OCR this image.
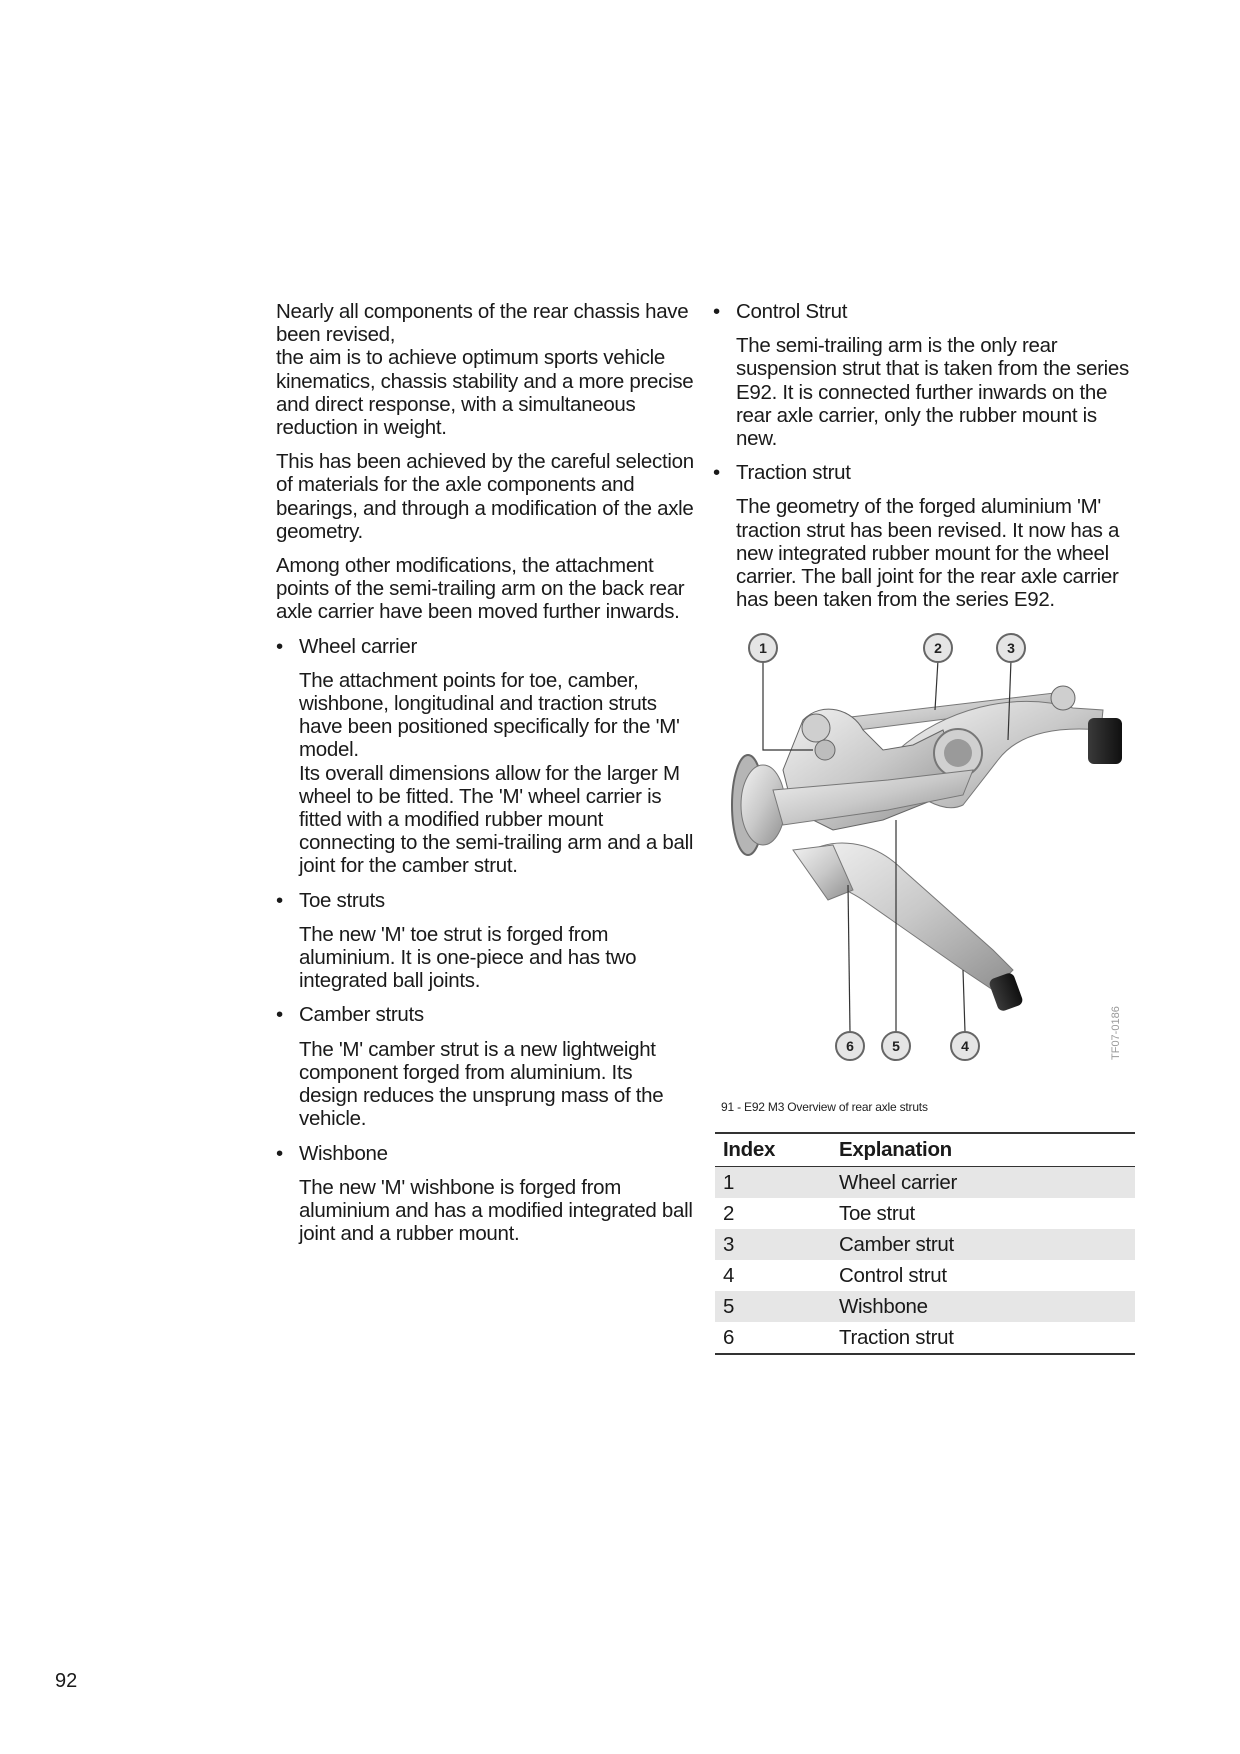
Nearly all components of the rear chassis have been revised,
the aim is to achieve optimum sports vehicle kinematics, chassis stability and a more precise and direct response, with a simultaneous reduction in weight.

This has been achieved by the careful selection of materials for the axle components and bearings, and through a modification of the axle geometry.

Among other modifications, the attachment points of the semi-trailing arm on the back rear axle carrier have been moved further inwards.

• Wheel carrier
The attachment points for toe, camber, wishbone, longitudinal and traction struts have been positioned specifically for the 'M' model.
Its overall dimensions allow for the larger M wheel to be fitted. The 'M' wheel carrier is fitted with a modified rubber mount connecting to the semi-trailing arm and a ball joint for the camber strut.
• Toe struts
The new 'M' toe strut is forged from aluminium. It is one-piece and has two integrated ball joints.
• Camber struts
The 'M' camber strut is a new lightweight component forged from aluminium. Its design reduces the unsprung mass of the vehicle.
• Wishbone
The new 'M' wishbone is forged from aluminium and has a modified integrated ball joint and a rubber mount.
• Control Strut
The semi-trailing arm is the only rear suspension strut that is taken from the series E92. It is connected further inwards on the rear axle carrier, only the rubber mount is new.
• Traction strut
The geometry of the forged aluminium 'M' traction strut has been revised. It now has a new integrated rubber mount for the wheel carrier. The ball joint for the rear axle carrier has been taken from the series E92.
1	2	3
4
5
6	TF07-0186
91 - E92 M3 Overview of rear axle struts
Index	Explanation
1	Wheel carrier
2	Toe strut
3	Camber strut
4	Control strut
5	Wishbone
6	Traction strut
92
